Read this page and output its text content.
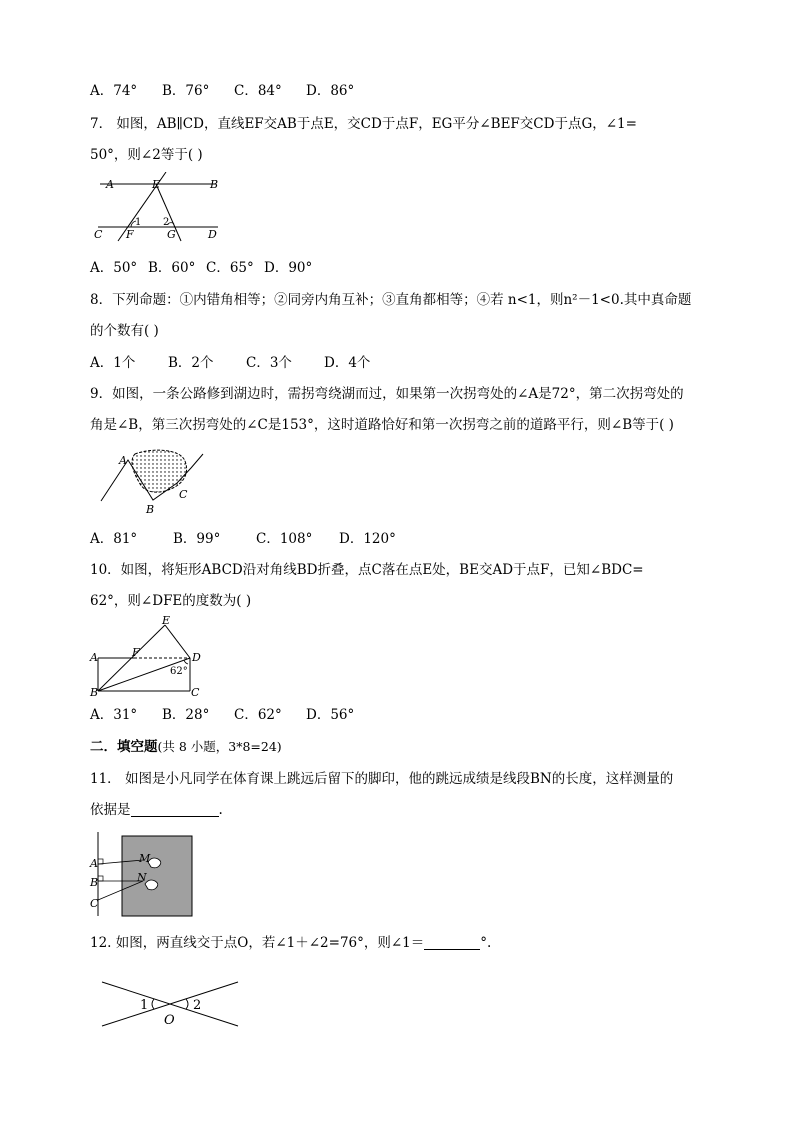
A．74° B．76° C．84° D．86°
7． 如图，AB∥CD，直线EF交AB于点E，交CD于点F，EG平分∠BEF交CD于点G，∠1=
50°，则∠2等于( )
A	E	B
C F	G	D
1 2
A．50° B．60° C．65° D．90°
8．下列命题：①内错角相等；②同旁内角互补；③直角都相等；④若 n<1，则n²－1<0.其中真命题
的个数有( )
A．1个 B．2个 C．3个 D．4个
9．如图，一条公路修到湖边时，需拐弯绕湖而过，如果第一次拐弯处的∠A是72°，第二次拐弯处的
角是∠B，第三次拐弯处的∠C是153°，这时道路恰好和第一次拐弯之前的道路平行，则∠B等于( )
A
B
C
A．81°	B．99°	C．108° D．120°
10．如图，将矩形ABCD沿对角线BD折叠，点C落在点E处，BE交AD于点F，已知∠BDC=
62°，则∠DFE的度数为( )
E
A	F	D
B	C
62°
A．31° B．28° C．62° D．56°
二．填空题(共 8 小题，3*8=24)
11． 如图是小凡同学在体育课上跳远后留下的脚印，他的跳远成绩是线段BN的长度，这样测量的
依据是	.
A
B
C
M
N
12. 如图，两直线交于点O，若∠1＋∠2=76°，则∠1＝	°.
1	2
O
